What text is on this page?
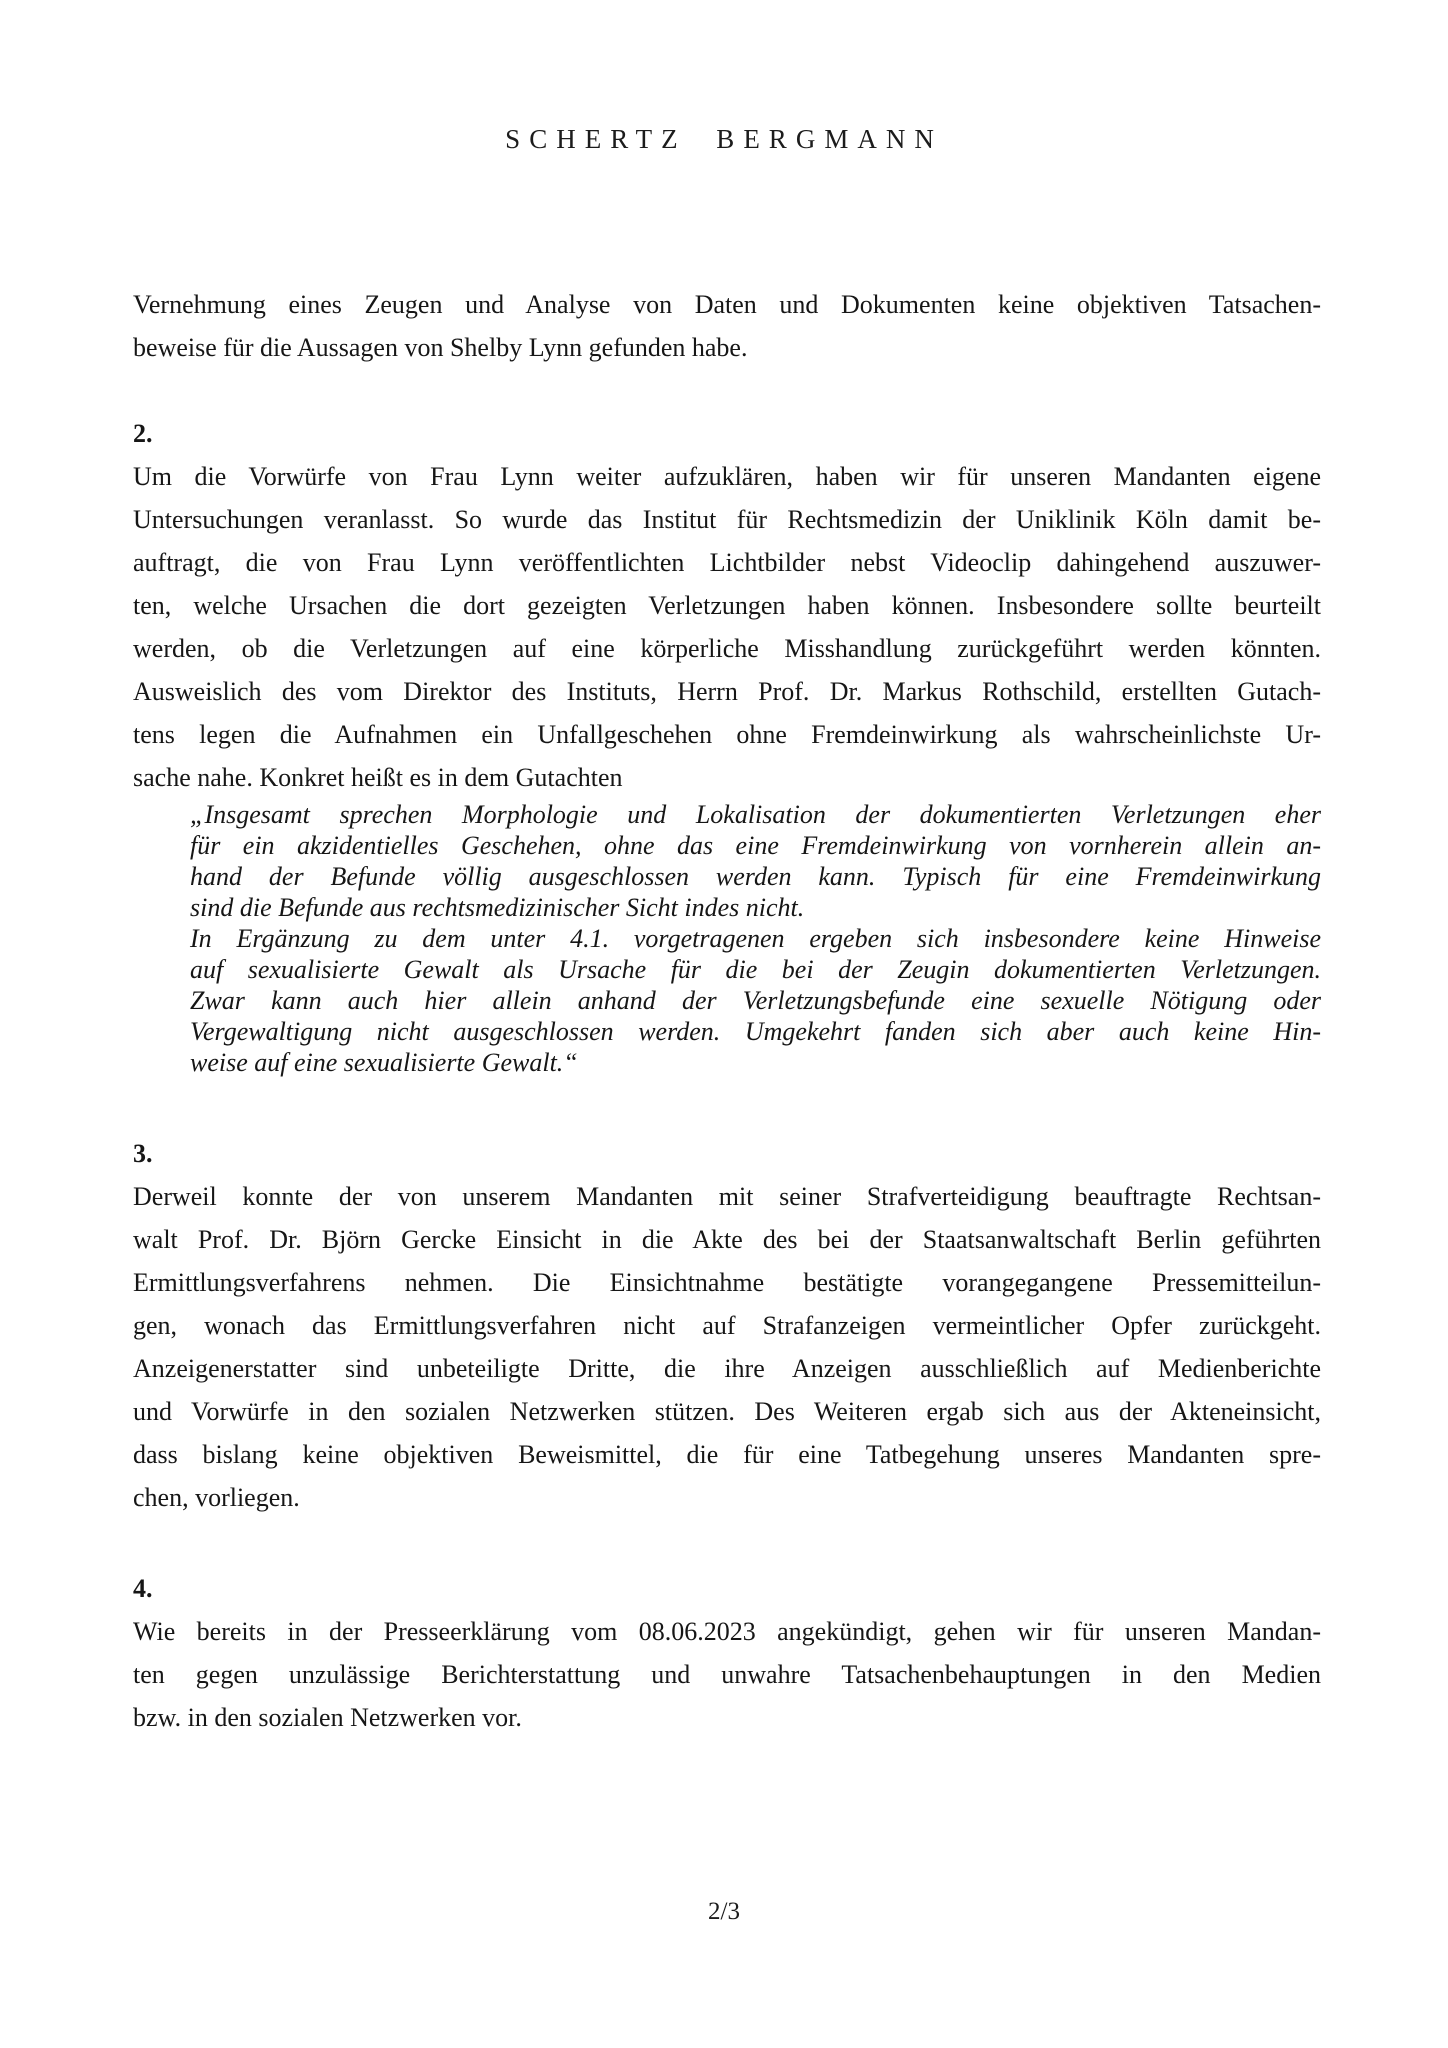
SCHERTZ BERGMANN
Vernehmung eines Zeugen und Analyse von Daten und Dokumenten keine objektiven Tatsachen-
beweise für die Aussagen von Shelby Lynn gefunden habe.
2.
Um die Vorwürfe von Frau Lynn weiter aufzuklären, haben wir für unseren Mandanten eigene
Untersuchungen veranlasst. So wurde das Institut für Rechtsmedizin der Uniklinik Köln damit be-
auftragt, die von Frau Lynn veröffentlichten Lichtbilder nebst Videoclip dahingehend auszuwer-
ten, welche Ursachen die dort gezeigten Verletzungen haben können. Insbesondere sollte beurteilt
werden, ob die Verletzungen auf eine körperliche Misshandlung zurückgeführt werden könnten.
Ausweislich des vom Direktor des Instituts, Herrn Prof. Dr. Markus Rothschild, erstellten Gutach-
tens legen die Aufnahmen ein Unfallgeschehen ohne Fremdeinwirkung als wahrscheinlichste Ur-
sache nahe. Konkret heißt es in dem Gutachten
„Insgesamt sprechen Morphologie und Lokalisation der dokumentierten Verletzungen eher
für ein akzidentielles Geschehen, ohne das eine Fremdeinwirkung von vornherein allein an-
hand der Befunde völlig ausgeschlossen werden kann. Typisch für eine Fremdeinwirkung
sind die Befunde aus rechtsmedizinischer Sicht indes nicht.
In Ergänzung zu dem unter 4.1. vorgetragenen ergeben sich insbesondere keine Hinweise
auf sexualisierte Gewalt als Ursache für die bei der Zeugin dokumentierten Verletzungen.
Zwar kann auch hier allein anhand der Verletzungsbefunde eine sexuelle Nötigung oder
Vergewaltigung nicht ausgeschlossen werden. Umgekehrt fanden sich aber auch keine Hin-
weise auf eine sexualisierte Gewalt.“
3.
Derweil konnte der von unserem Mandanten mit seiner Strafverteidigung beauftragte Rechtsan-
walt Prof. Dr. Björn Gercke Einsicht in die Akte des bei der Staatsanwaltschaft Berlin geführten
Ermittlungsverfahrens nehmen. Die Einsichtnahme bestätigte vorangegangene Pressemitteilun-
gen, wonach das Ermittlungsverfahren nicht auf Strafanzeigen vermeintlicher Opfer zurückgeht.
Anzeigenerstatter sind unbeteiligte Dritte, die ihre Anzeigen ausschließlich auf Medienberichte
und Vorwürfe in den sozialen Netzwerken stützen. Des Weiteren ergab sich aus der Akteneinsicht,
dass bislang keine objektiven Beweismittel, die für eine Tatbegehung unseres Mandanten spre-
chen, vorliegen.
4.
Wie bereits in der Presseerklärung vom 08.06.2023 angekündigt, gehen wir für unseren Mandan-
ten gegen unzulässige Berichterstattung und unwahre Tatsachenbehauptungen in den Medien
bzw. in den sozialen Netzwerken vor.
2/3
